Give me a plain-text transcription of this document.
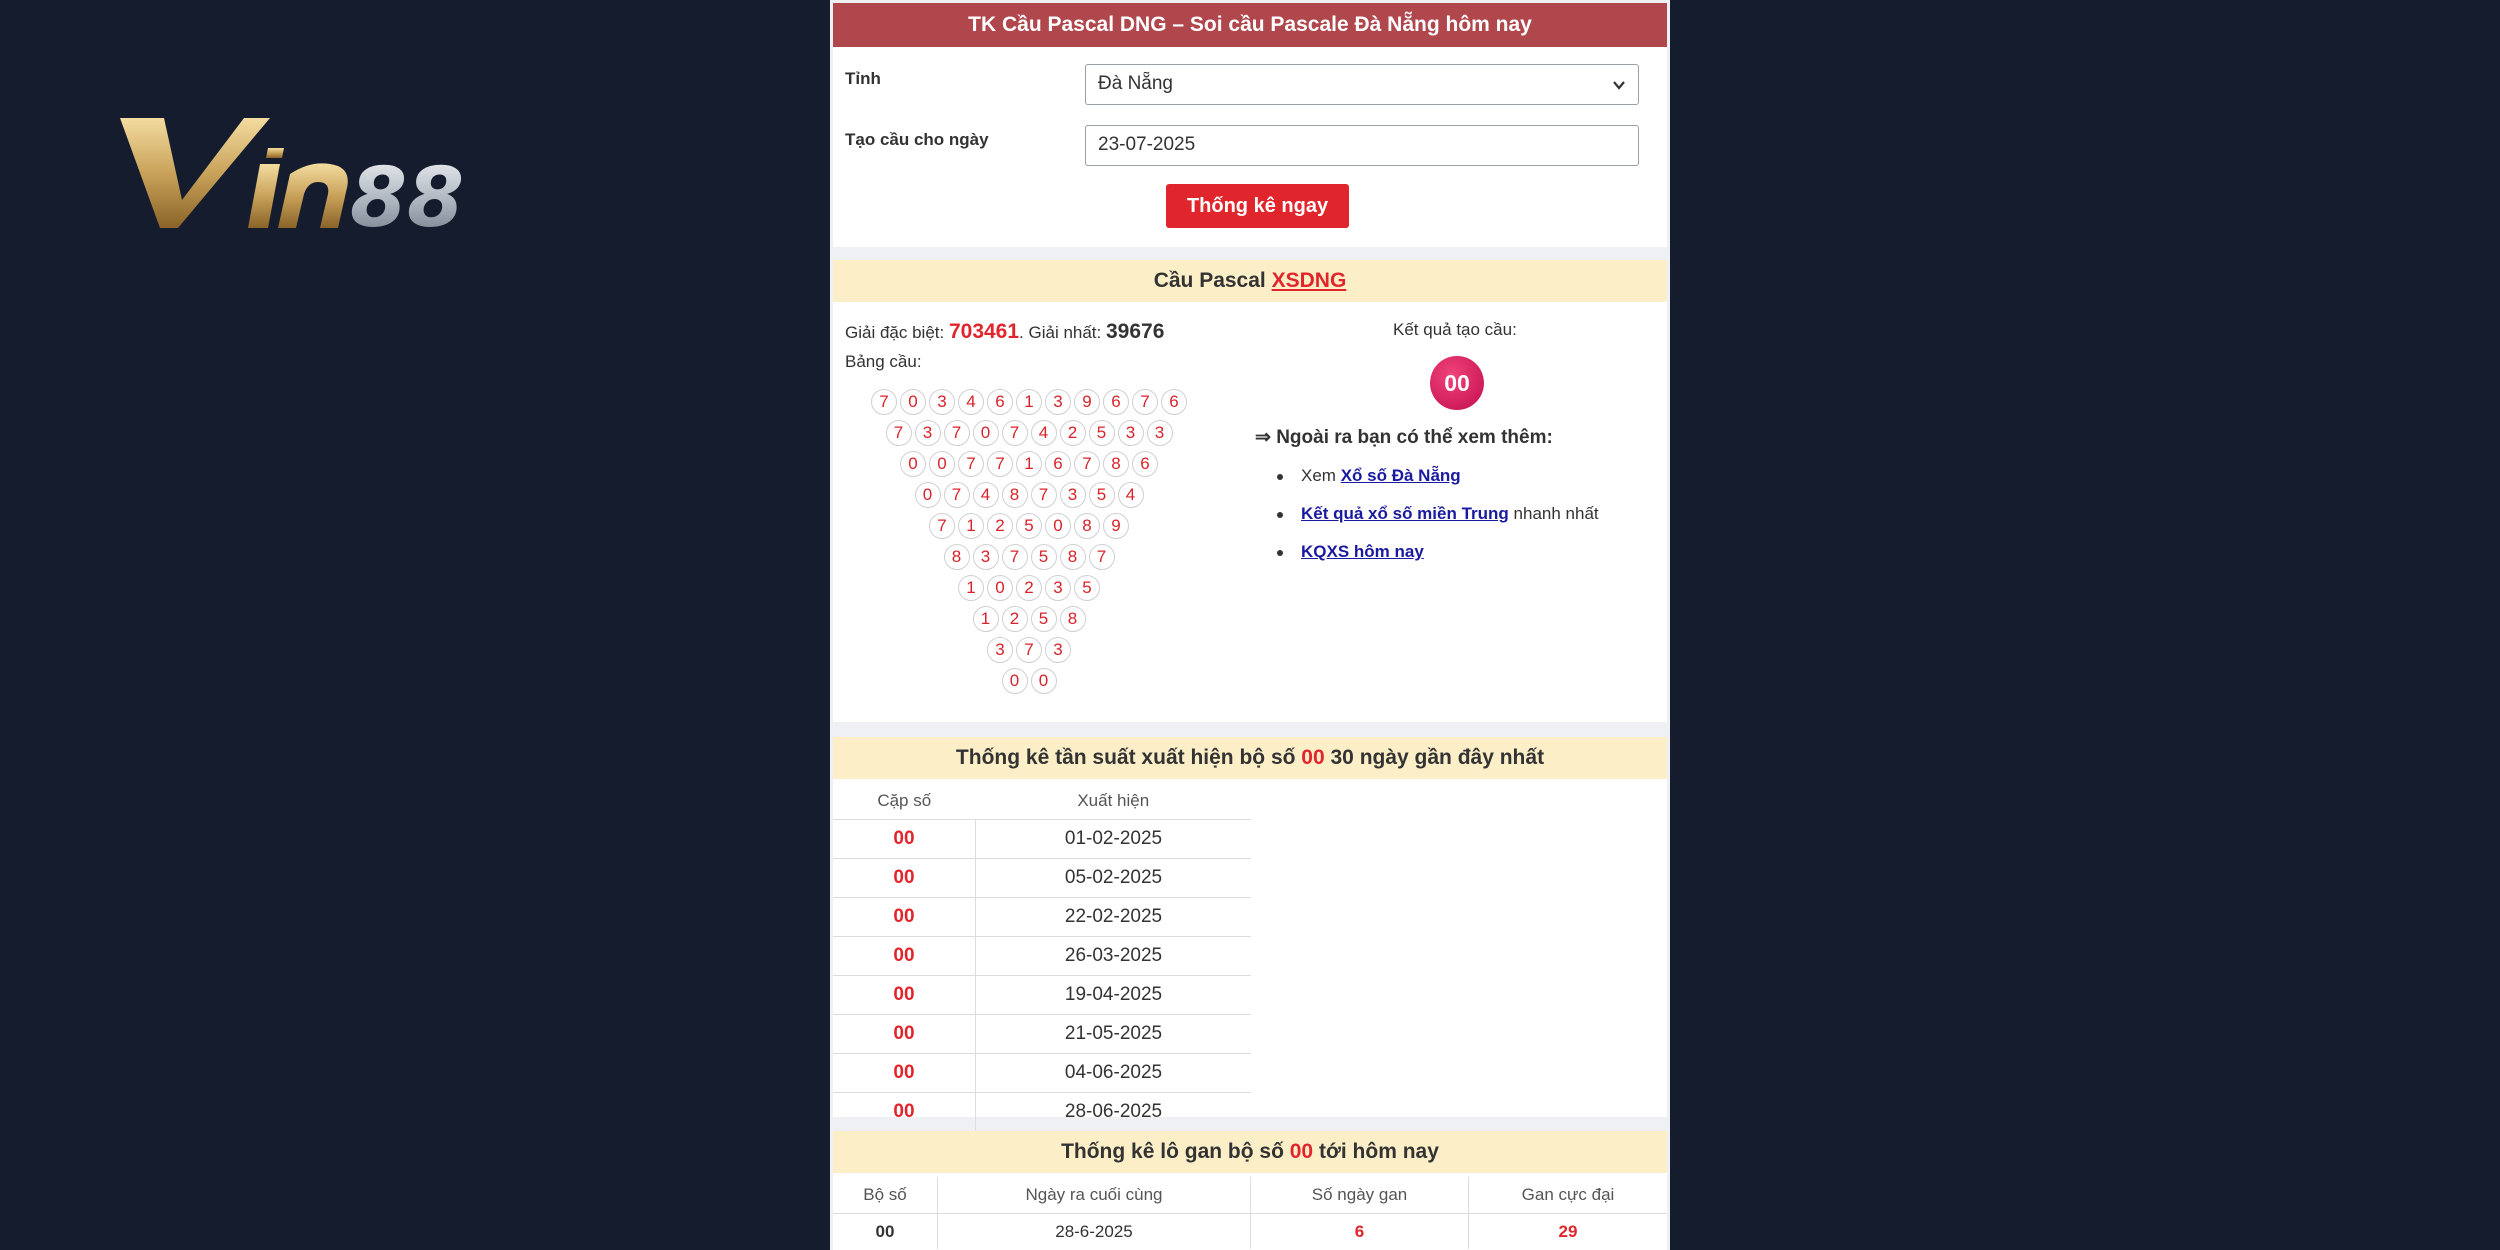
88
TK Cầu Pascal DNG – Soi cầu Pascale Đà Nẵng hôm nay
Tỉnh	Đà Nẵng
Tạo cầu cho ngày	23-07-2025
Thống kê ngay
Cầu Pascal XSDNG
Giải đặc biệt: 703461. Giải nhất: 39676
Bảng cầu:
Kết quả tạo cầu:
00
7	0	3	4	6	1	3	9	6	7	6
7	3	7	0	7	4	2	5	3	3
0	0	7	7	1	6	7	8	6
0	7	4	8	7	3	5	4
7	1	2	5	0	8	9
8	3	7	5	8	7
1	0	2	3	5
1	2	5	8
3	7	3
0	0
⇒ Ngoài ra bạn có thể xem thêm:
Xem Xổ số Đà Nẵng
Kết quả xổ số miền Trung nhanh nhất
KQXS hôm nay
Thống kê tần suất xuất hiện bộ số 00 30 ngày gần đây nhất
Cặp số	Xuất hiện
00	01-02-2025
00	05-02-2025
00	22-02-2025
00	26-03-2025
00	19-04-2025
00	21-05-2025
00	04-06-2025
00	28-06-2025
Thống kê lô gan bộ số 00 tới hôm nay
Bộ số	Ngày ra cuối cùng	Số ngày gan	Gan cực đại
00	28-6-2025	6	29
